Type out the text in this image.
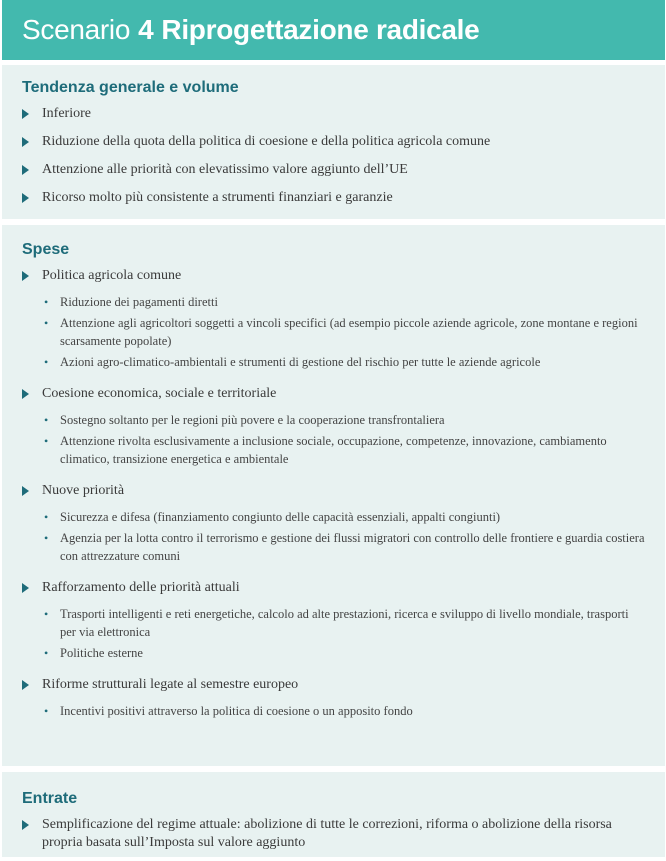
Scenario 4 Riprogettazione radicale
Tendenza generale e volume
Inferiore
Riduzione della quota della politica di coesione e della politica agricola comune
Attenzione alle priorità con elevatissimo valore aggiunto dell’UE
Ricorso molto più consistente a strumenti finanziari e garanzie
Spese
Politica agricola comune
• Riduzione dei pagamenti diretti
• Attenzione agli agricoltori soggetti a vincoli specifici (ad esempio piccole aziende agricole, zone montane e regioni scarsamente popolate)
• Azioni agro-climatico-ambientali e strumenti di gestione del rischio per tutte le aziende agricole
Coesione economica, sociale e territoriale
• Sostegno soltanto per le regioni più povere e la cooperazione transfrontaliera
• Attenzione rivolta esclusivamente a inclusione sociale, occupazione, competenze, innovazione, cambiamento climatico, transizione energetica e ambientale
Nuove priorità
• Sicurezza e difesa (finanziamento congiunto delle capacità essenziali, appalti congiunti)
• Agenzia per la lotta contro il terrorismo e gestione dei flussi migratori con controllo delle frontiere e guardia costiera con attrezzature comuni
Rafforzamento delle priorità attuali
• Trasporti intelligenti e reti energetiche, calcolo ad alte prestazioni, ricerca e sviluppo di livello mondiale, trasporti per via elettronica
• Politiche esterne
Riforme strutturali legate al semestre europeo
• Incentivi positivi attraverso la politica di coesione o un apposito fondo
Entrate
Semplificazione del regime attuale: abolizione di tutte le correzioni, riforma o abolizione della risorsa propria basata sull’Imposta sul valore aggiunto
